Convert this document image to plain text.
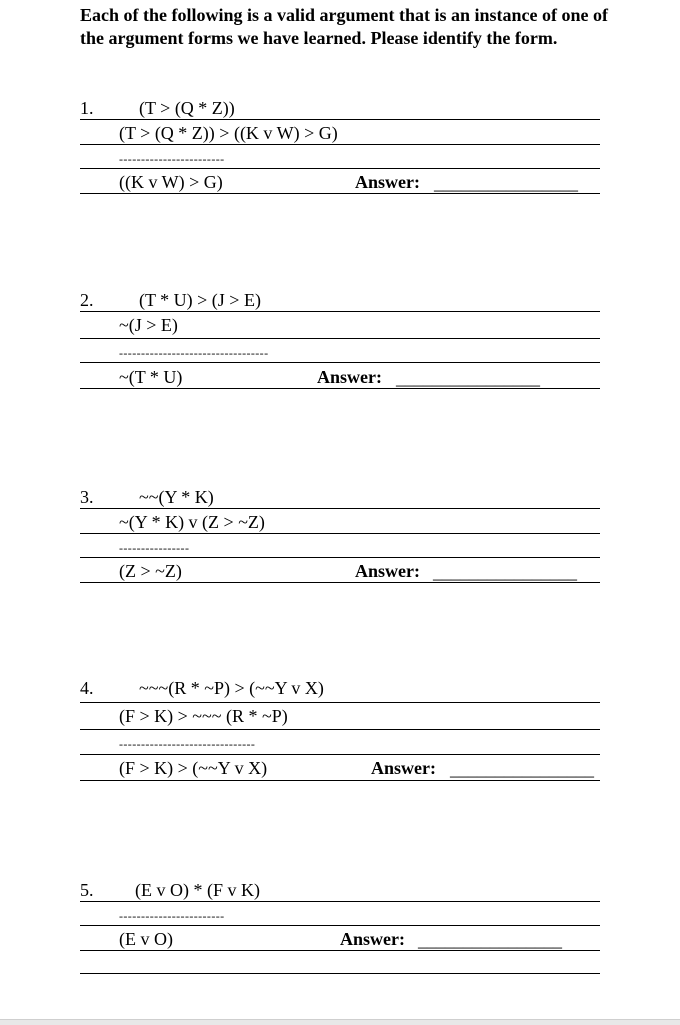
Each of the following is a valid argument that is an instance of one of the argument forms we have learned. Please identify the form.
1.	(T > (Q * Z))
(T > (Q * Z)) > ((K v W) > G)
------------------------
((K v W) > G)	Answer: ________________
2.	(T * U) > (J > E)
~(J > E)
----------------------------------
~(T * U)	Answer: ________________
3.	~~(Y * K)
~(Y * K) v (Z > ~Z)
----------------
(Z > ~Z)	Answer: ________________
4.	~~~(R * ~P) > (~~Y v X)
(F > K) > ~~~ (R * ~P)
-------------------------------
(F > K) > (~~Y v X)	Answer: ________________
5. (E v O) * (F v K)
------------------------
(E v O)	Answer: ________________
